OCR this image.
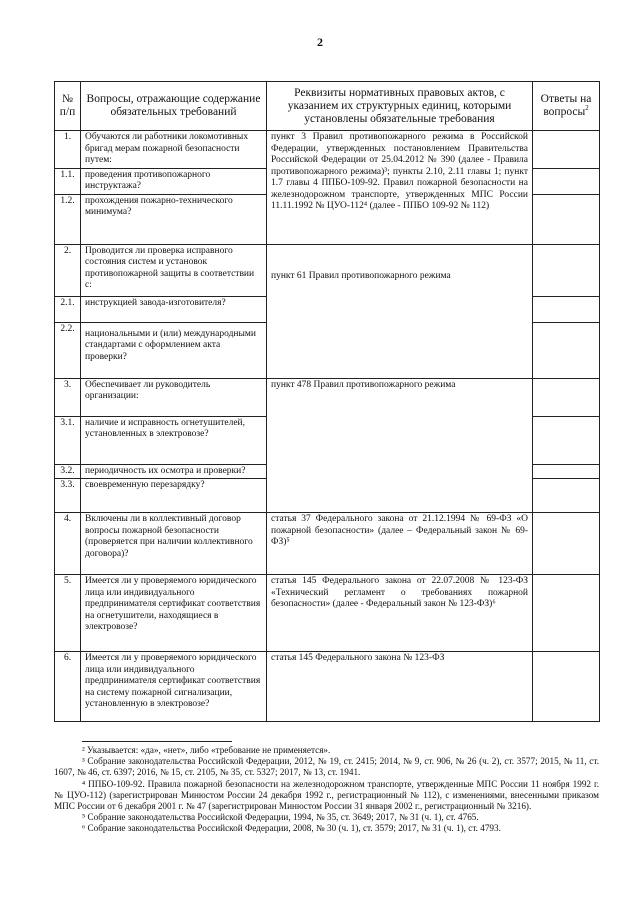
2
№ п/п	Вопросы, отражающие содержание обязательных требований	Реквизиты нормативных правовых актов, с указанием их структурных единиц, которыми установлены обязательные требования	Ответы на вопросы$^2$
1.	Обучаются ли работники локомотивных бригад мерам пожарной безопасности путем:	пункт 3 Правил противопожарного режима в Российской Федерации, утвержденных постановлением Правительства Российской Федерации от 25.04.2012 № 390 (далее - Правила противопожарного режима)³; пункты 2.10, 2.11 главы 1; пункт 1.7 главы 4 ППБО-109-92. Правил пожарной безопасности на железнодорожном транспорте, утвержденных МПС России 11.11.1992 № ЦУО-112⁴ (далее - ППБО 109-92 № 112)	
1.1.	проведения противопожарного инструктажа?		
1.2.	прохождения пожарно-технического минимума?		
2.	Проводится ли проверка исправного состояния систем и установок противопожарной защиты в соответствии с:	пункт 61 Правил противопожарного режима	
2.1.	инструкцией завода-изготовителя?		
2.2.	национальными и (или) международными стандартами с оформлением акта проверки?		
3.	Обеспечивает ли руководитель организации:	пункт 478 Правил противопожарного режима	
3.1.	наличие и исправность огнетушителей, установленных в электровозе?		
3.2.	периодичность их осмотра и проверки?		
3.3.	своевременную перезарядку?		
4.	Включены ли в коллективный договор вопросы пожарной безопасности (проверяется при наличии коллективного договора)?	статья 37 Федерального закона от 21.12.1994 № 69-ФЗ «О пожарной безопасности» (далее – Федеральный закон № 69-ФЗ)⁵	
5.	Имеется ли у проверяемого юридического лица или индивидуального предпринимателя сертификат соответствия на огнетушители, находящиеся в электровозе?	статья 145 Федерального закона от 22.07.2008 № 123-ФЗ «Технический регламент о требованиях пожарной безопасности» (далее - Федеральный закон № 123-ФЗ)⁶	
6.	Имеется ли у проверяемого юридического лица или индивидуального предпринимателя сертификат соответствия на систему пожарной сигнализации, установленную в электровозе?	статья 145 Федерального закона № 123-ФЗ	

² Указывается: «да», «нет», либо «требование не применяется».

³ Собрание законодательства Российской Федерации, 2012, № 19, ст. 2415; 2014, № 9, ст. 906, № 26 (ч. 2), ст. 3577; 2015, № 11, ст. 1607, № 46, ст. 6397; 2016, № 15, ст. 2105, № 35, ст. 5327; 2017, № 13, ст. 1941.

⁴ ППБО-109-92. Правила пожарной безопасности на железнодорожном транспорте, утвержденные МПС России 11 ноября 1992 г. № ЦУО-112) (зарегистрирован Минюстом России 24 декабря 1992 г., регистрационный № 112), с изменениями, внесенными приказом МПС России от 6 декабря 2001 г. № 47 (зарегистрирован Минюстом России 31 января 2002 г., регистрационный № 3216).

⁵ Собрание законодательства Российской Федерации, 1994, № 35, ст. 3649; 2017, № 31 (ч. 1), ст. 4765.

⁶ Собрание законодательства Российской Федерации, 2008, № 30 (ч. 1), ст. 3579; 2017, № 31 (ч. 1), ст. 4793.
